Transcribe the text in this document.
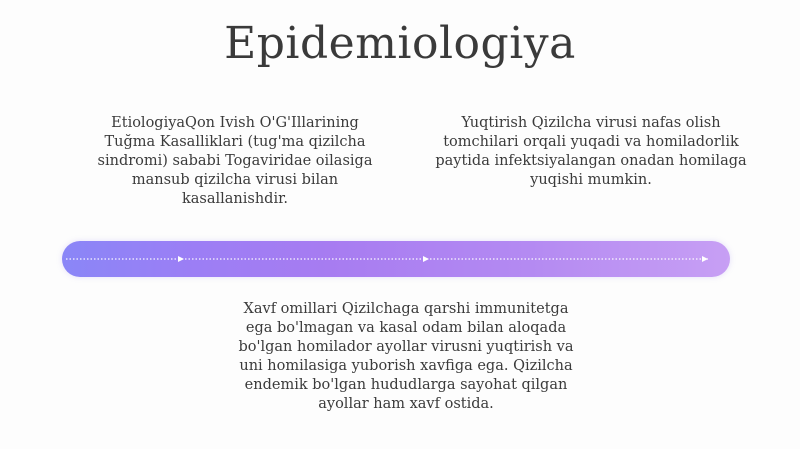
Epidemiologiya

EtiologiyaQon Ivish O'G'Illarining Tuğma Kasalliklari (tug'ma qizilcha sindromi) sababi Togaviridae oilasiga mansub qizilcha virusi bilan kasallanishdir.

Yuqtirish Qizilcha virusi nafas olish tomchilari orqali yuqadi va homiladorlik paytida infektsiyalangan onadan homilaga yuqishi mumkin.

Xavf omillari Qizilchaga qarshi immunitetga ega bo'lmagan va kasal odam bilan aloqada bo'lgan homilador ayollar virusni yuqtirish va uni homilasiga yuborish xavfiga ega. Qizilcha endemik bo'lgan hududlarga sayohat qilgan ayollar ham xavf ostida.
